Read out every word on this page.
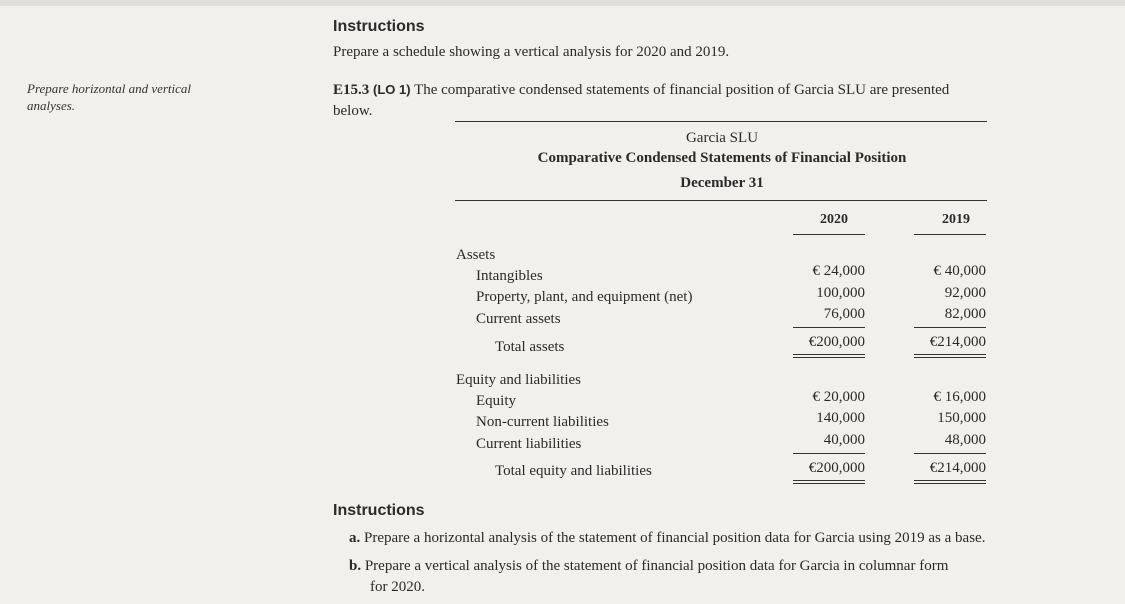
Instructions
Prepare a schedule showing a vertical analysis for 2020 and 2019.
Prepare horizontal and vertical
analyses.
E15.3 (LO 1) The comparative condensed statements of financial position of Garcia SLU are presented
below.
Garcia SLU
Comparative Condensed Statements of Financial Position
December 31
2020	2019
Assets
Intangibles	€ 24,000	€ 40,000
Property, plant, and equipment (net)	100,000	92,000
Current assets	76,000	82,000
Total assets	€200,000	€214,000
Equity and liabilities
Equity	€ 20,000	€ 16,000
Non-current liabilities	140,000	150,000
Current liabilities	40,000	48,000
Total equity and liabilities	€200,000	€214,000
Instructions
a. Prepare a horizontal analysis of the statement of financial position data for Garcia using 2019 as a base.
b. Prepare a vertical analysis of the statement of financial position data for Garcia in columnar form
for 2020.
